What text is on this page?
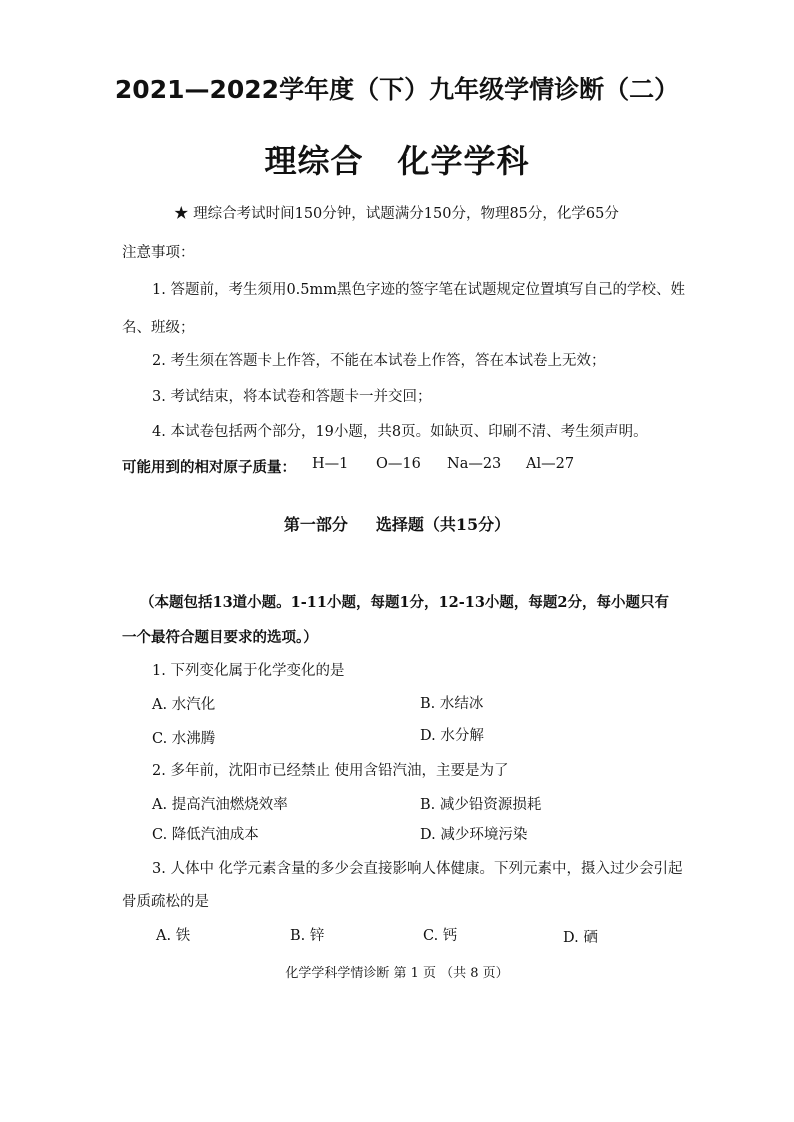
2021—2022学年度（下）九年级学情诊断（二）
理综合 化学学科
★ 理综合考试时间150分钟，试题满分150分，物理85分，化学65分
注意事项：
1. 答题前，考生须用0.5mm黑色字迹的签字笔在试题规定位置填写自己的学校、姓
名、班级；
2. 考生须在答题卡上作答，不能在本试卷上作答，答在本试卷上无效；
3. 考试结束，将本试卷和答题卡一并交回；
4. 本试卷包括两个部分，19小题，共8页。如缺页、印刷不清、考生须声明。
可能用到的相对原子质量： H—1 O—16 Na—23 Al—27
第一部分 选择题（共15分）
（本题包括13道小题。1-11小题，每题1分，12-13小题，每题2分，每小题只有
一个最符合题目要求的选项。）
1. 下列变化属于化学变化的是
A. 水汽化	B. 水结冰
C. 水沸腾	D. 水分解
2. 多年前，沈阳市已经禁止 使用含铅汽油，主要是为了
A. 提高汽油燃烧效率	B. 减少铅资源损耗
C. 降低汽油成本	D. 减少环境污染
3. 人体中 化学元素含量的多少会直接影响人体健康。下列元素中，摄入过少会引起
骨质疏松的是
A. 铁	B. 锌	C. 钙	D. 硒
化学学科学情诊断 第 1 页 （共 8 页）
